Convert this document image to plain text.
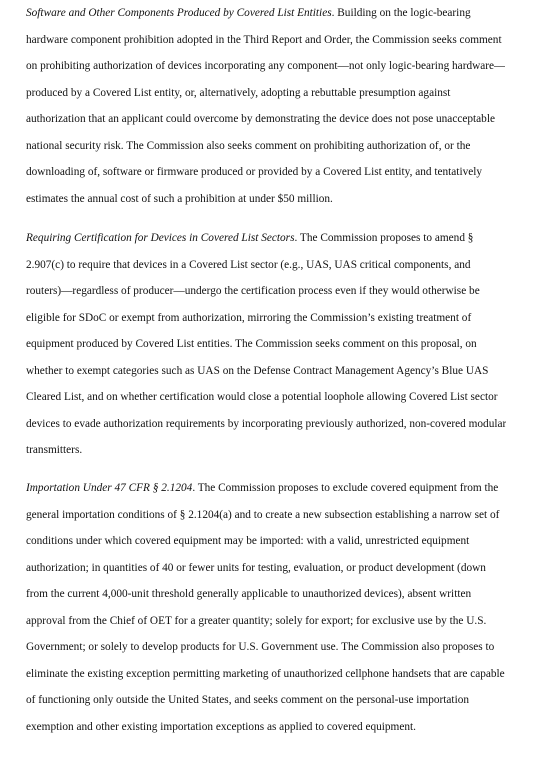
Software and Other Components Produced by Covered List Entities. Building on the logic-bearing
hardware component prohibition adopted in the Third Report and Order, the Commission seeks comment
on prohibiting authorization of devices incorporating any component—not only logic-bearing hardware—
produced by a Covered List entity, or, alternatively, adopting a rebuttable presumption against
authorization that an applicant could overcome by demonstrating the device does not pose unacceptable
national security risk. The Commission also seeks comment on prohibiting authorization of, or the
downloading of, software or firmware produced or provided by a Covered List entity, and tentatively
estimates the annual cost of such a prohibition at under $50 million.
Requiring Certification for Devices in Covered List Sectors. The Commission proposes to amend §
2.907(c) to require that devices in a Covered List sector (e.g., UAS, UAS critical components, and
routers)—regardless of producer—undergo the certification process even if they would otherwise be
eligible for SDoC or exempt from authorization, mirroring the Commission’s existing treatment of
equipment produced by Covered List entities. The Commission seeks comment on this proposal, on
whether to exempt categories such as UAS on the Defense Contract Management Agency’s Blue UAS
Cleared List, and on whether certification would close a potential loophole allowing Covered List sector
devices to evade authorization requirements by incorporating previously authorized, non-covered modular
transmitters.
Importation Under 47 CFR § 2.1204. The Commission proposes to exclude covered equipment from the
general importation conditions of § 2.1204(a) and to create a new subsection establishing a narrow set of
conditions under which covered equipment may be imported: with a valid, unrestricted equipment
authorization; in quantities of 40 or fewer units for testing, evaluation, or product development (down
from the current 4,000-unit threshold generally applicable to unauthorized devices), absent written
approval from the Chief of OET for a greater quantity; solely for export; for exclusive use by the U.S.
Government; or solely to develop products for U.S. Government use. The Commission also proposes to
eliminate the existing exception permitting marketing of unauthorized cellphone handsets that are capable
of functioning only outside the United States, and seeks comment on the personal-use importation
exemption and other existing importation exceptions as applied to covered equipment.
